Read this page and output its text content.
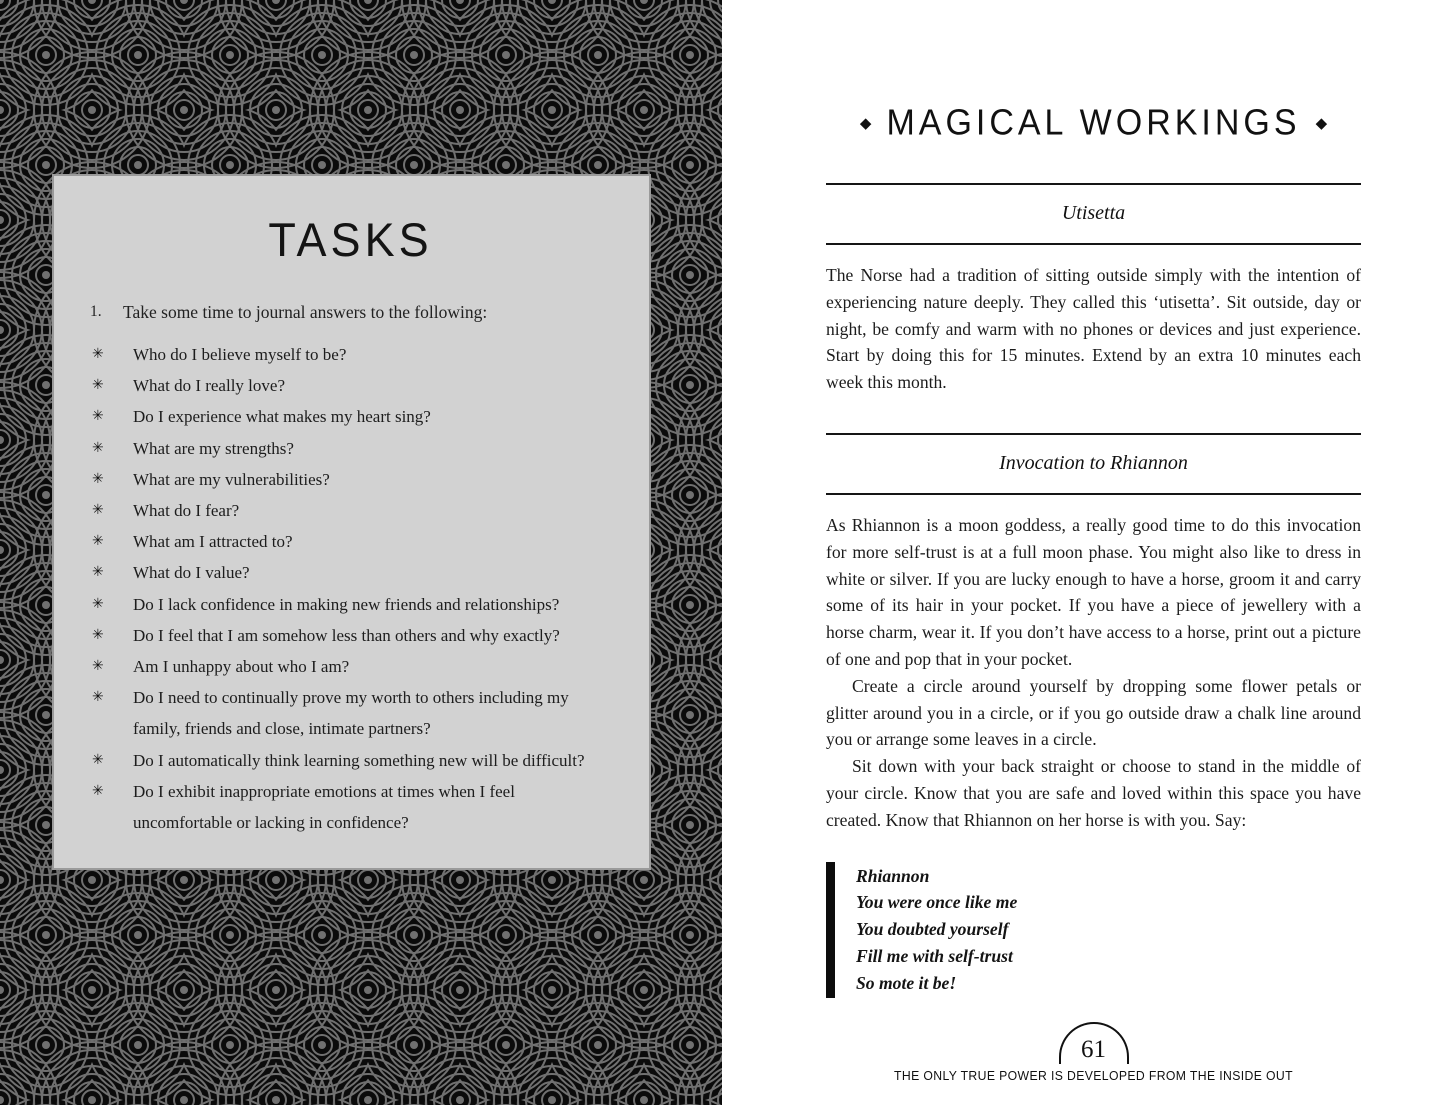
TASKS
1.	Take some time to journal answers to the following:
✳	Who do I believe myself to be?
✳	What do I really love?
✳	Do I experience what makes my heart sing?
✳	What are my strengths?
✳	What are my vulnerabilities?
✳	What do I fear?
✳	What am I attracted to?
✳	What do I value?
✳	Do I lack confidence in making new friends and relationships?
✳	Do I feel that I am somehow less than others and why exactly?
✳	Am I unhappy about who I am?
✳	Do I need to continually prove my worth to others including my family, friends and close, intimate partners?
✳	Do I automatically think learning something new will be difficult?
✳	Do I exhibit inappropriate emotions at times when I feel uncomfortable or lacking in confidence?
◆ MAGICAL WORKINGS ◆
Utisetta

The Norse had a tradition of sitting outside simply with the intention of experiencing nature deeply. They called this ‘utisetta’. Sit outside, day or night, be comfy and warm with no phones or devices and just experience. Start by doing this for 15 minutes. Extend by an extra 10 minutes each week this month.

Invocation to Rhiannon

As Rhiannon is a moon goddess, a really good time to do this invocation for more self-trust is at a full moon phase. You might also like to dress in white or silver. If you are lucky enough to have a horse, groom it and carry some of its hair in your pocket. If you have a piece of jewellery with a horse charm, wear it. If you don’t have access to a horse, print out a picture of one and pop that in your pocket.

Create a circle around yourself by dropping some flower petals or glitter around you in a circle, or if you go outside draw a chalk line around you or arrange some leaves in a circle.

Sit down with your back straight or choose to stand in the middle of your circle. Know that you are safe and loved within this space you have created. Know that Rhiannon on her horse is with you. Say:

Rhiannon
You were once like me
You doubted yourself
Fill me with self-trust
So mote it be!
61
THE ONLY TRUE POWER IS DEVELOPED FROM THE INSIDE OUT
